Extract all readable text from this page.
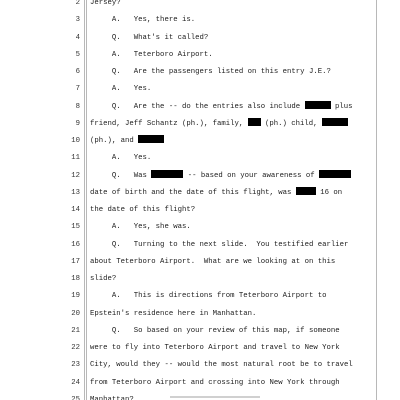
2 Jersey?
3 A.   Yes, there is.
4 Q.   What's it called?
5 A.   Teterboro Airport.
6 Q.   Are the passengers listed on this entry J.E.?
7 A.   Yes.
8 Q.   Are the -- do the entries also include	plus
9 friend, Jeff Schantz (ph.), family,  (ph.) child,
10 (ph.), and
11 A.   Yes.
12 Q.   Was	-- based on your awareness of
13 date of birth and the date of this flight, was	16 on
14 the date of this flight?
15 A.   Yes, she was.
16 Q.   Turning to the next slide.  You testified earlier
17 about Teterboro Airport.  What are we looking at on this
18 slide?
19 A.   This is directions from Teterboro Airport to
20 Epstein's residence here in Manhattan.
21 Q.   So based on your review of this map, if someone
22 were to fly into Teterboro Airport and travel to New York
23 City, would they -- would the most natural root be to travel
24 from Teterboro Airport and crossing into New York through
25 Manhattan?
